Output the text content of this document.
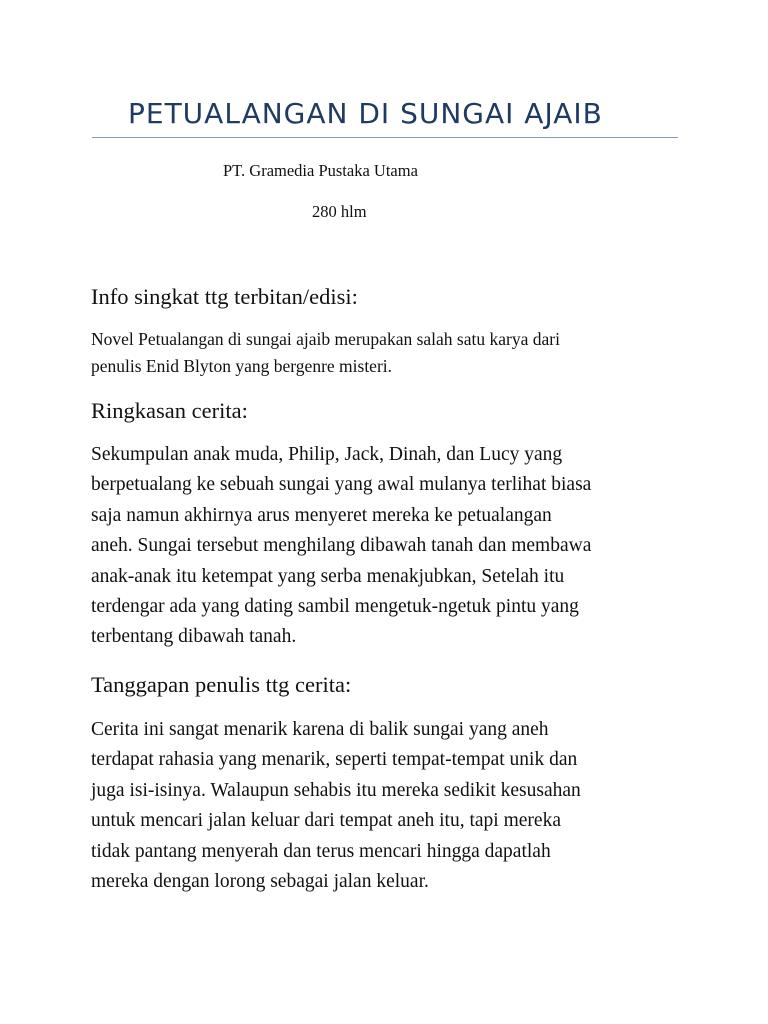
PETUALANGAN DI SUNGAI AJAIB
PT. Gramedia Pustaka Utama
280 hlm
Info singkat ttg terbitan/edisi:

Novel Petualangan di sungai ajaib merupakan salah satu karya dari
penulis Enid Blyton yang bergenre misteri.

Ringkasan cerita:

Sekumpulan anak muda, Philip, Jack, Dinah, dan Lucy yang
berpetualang ke sebuah sungai yang awal mulanya terlihat biasa
saja namun akhirnya arus menyeret mereka ke petualangan
aneh. Sungai tersebut menghilang dibawah tanah dan membawa
anak-anak itu ketempat yang serba menakjubkan, Setelah itu
terdengar ada yang dating sambil mengetuk-ngetuk pintu yang
terbentang dibawah tanah.

Tanggapan penulis ttg cerita:

Cerita ini sangat menarik karena di balik sungai yang aneh
terdapat rahasia yang menarik, seperti tempat-tempat unik dan
juga isi-isinya. Walaupun sehabis itu mereka sedikit kesusahan
untuk mencari jalan keluar dari tempat aneh itu, tapi mereka
tidak pantang menyerah dan terus mencari hingga dapatlah
mereka dengan lorong sebagai jalan keluar.
